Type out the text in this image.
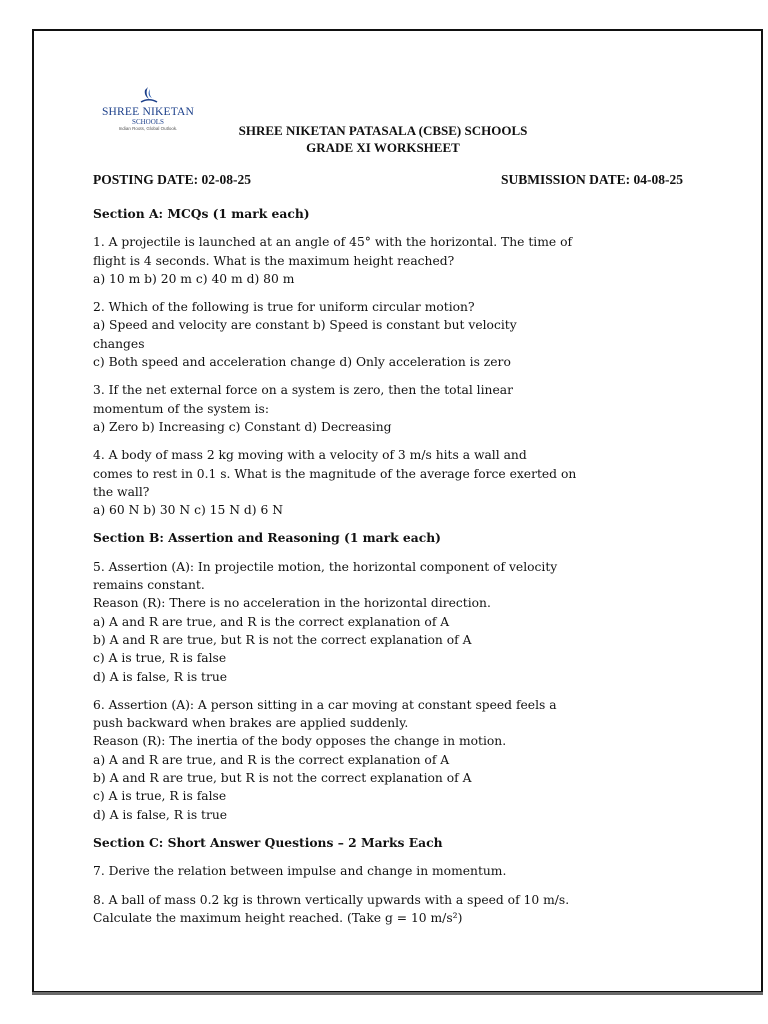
SHREE NIKETAN
SCHOOLS
Indian Roots, Global Outlook.	SHREE NIKETAN PATASALA (CBSE) SCHOOLS
GRADE XI WORKSHEET
POSTING DATE: 02-08-25	SUBMISSION DATE: 04-08-25
Section A: MCQs (1 mark each)
1. A projectile is launched at an angle of 45° with the horizontal. The time of
flight is 4 seconds. What is the maximum height reached?
a) 10 m b) 20 m c) 40 m d) 80 m
2. Which of the following is true for uniform circular motion?
a) Speed and velocity are constant b) Speed is constant but velocity
changes
c) Both speed and acceleration change d) Only acceleration is zero
3. If the net external force on a system is zero, then the total linear
momentum of the system is:
a) Zero b) Increasing c) Constant d) Decreasing
4. A body of mass 2 kg moving with a velocity of 3 m/s hits a wall and
comes to rest in 0.1 s. What is the magnitude of the average force exerted on
the wall?
a) 60 N b) 30 N c) 15 N d) 6 N
Section B: Assertion and Reasoning (1 mark each)
5. Assertion (A): In projectile motion, the horizontal component of velocity
remains constant.
Reason (R): There is no acceleration in the horizontal direction.
a) A and R are true, and R is the correct explanation of A
b) A and R are true, but R is not the correct explanation of A
c) A is true, R is false
d) A is false, R is true
6. Assertion (A): A person sitting in a car moving at constant speed feels a
push backward when brakes are applied suddenly.
Reason (R): The inertia of the body opposes the change in motion.
a) A and R are true, and R is the correct explanation of A
b) A and R are true, but R is not the correct explanation of A
c) A is true, R is false
d) A is false, R is true
Section C: Short Answer Questions – 2 Marks Each
7. Derive the relation between impulse and change in momentum.
8. A ball of mass 0.2 kg is thrown vertically upwards with a speed of 10 m/s.
Calculate the maximum height reached. (Take g = 10 m/s²)
